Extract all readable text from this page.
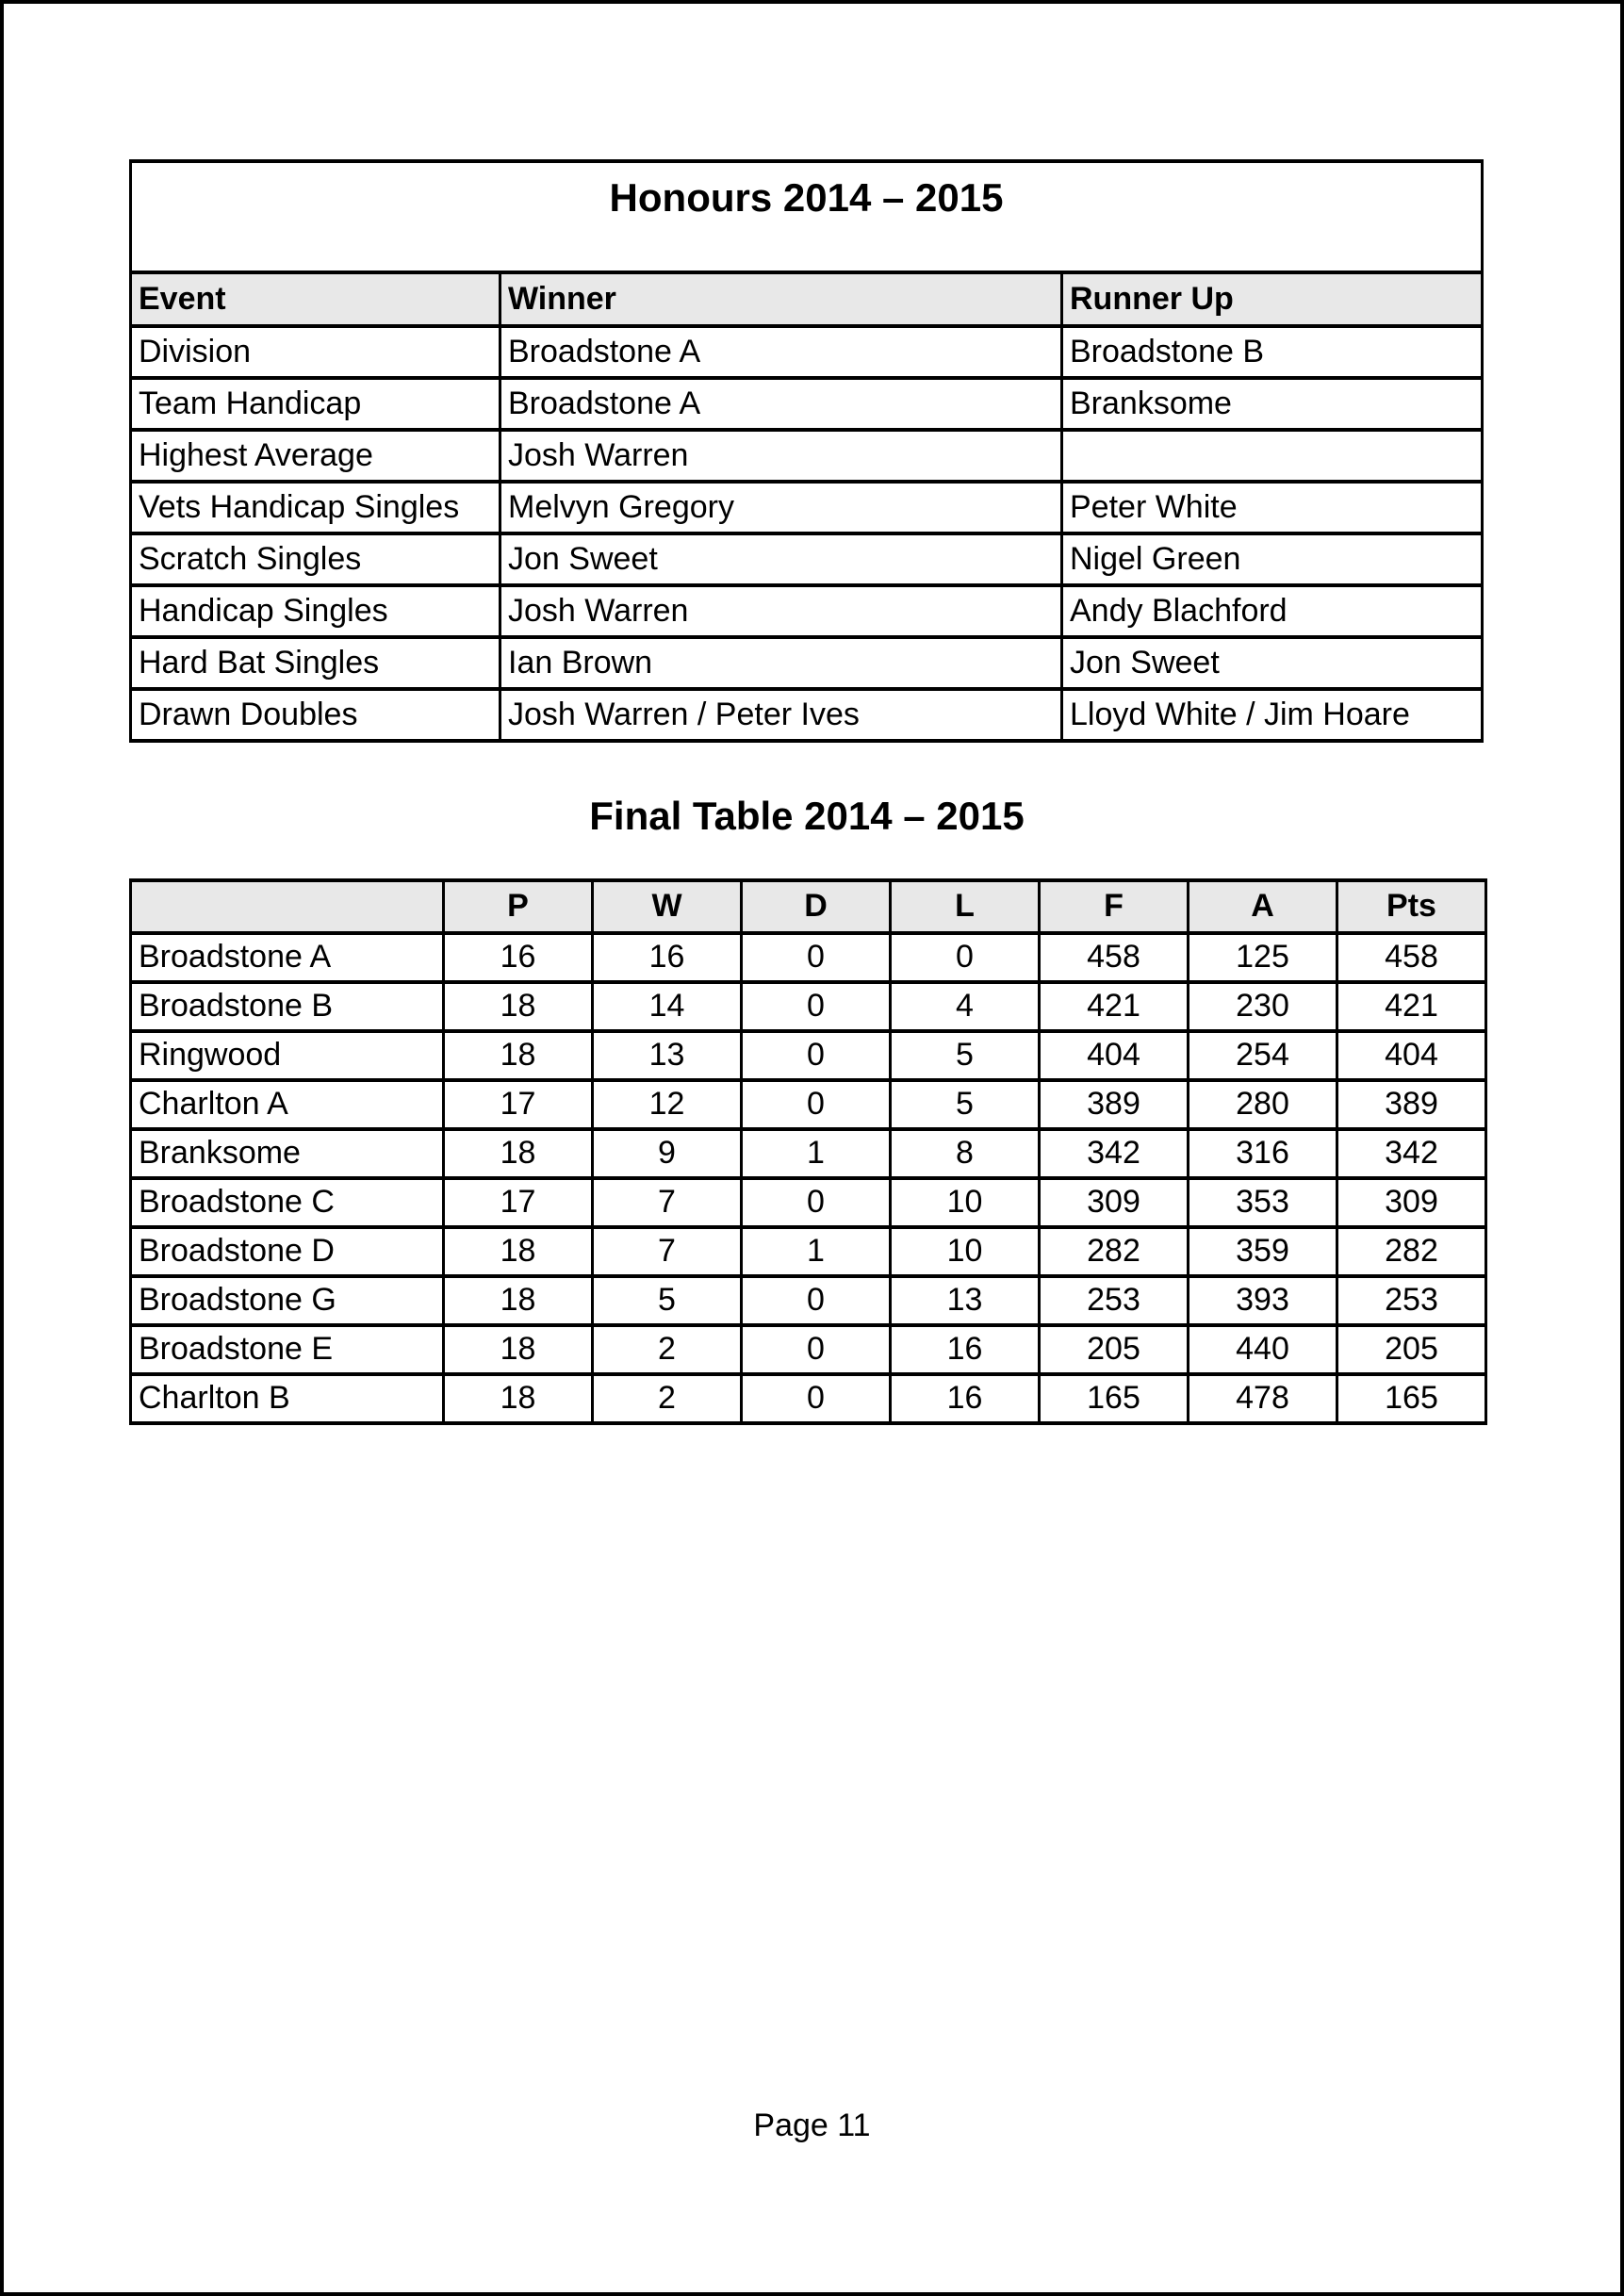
Honours 2014 – 2015		
Event	Winner	Runner Up
Division	Broadstone A	Broadstone B
Team Handicap	Broadstone A	Branksome
Highest Average	Josh Warren	
Vets Handicap Singles	Melvyn Gregory	Peter White
Scratch Singles	Jon Sweet	Nigel Green
Handicap Singles	Josh Warren	Andy Blachford
Hard Bat Singles	Ian Brown	Jon Sweet
Drawn Doubles	Josh Warren / Peter Ives	Lloyd White / Jim Hoare
Final Table 2014 – 2015
	P	W	D	L	F	A	Pts
Broadstone A	16	16	0	0	458	125	458
Broadstone B	18	14	0	4	421	230	421
Ringwood	18	13	0	5	404	254	404
Charlton A	17	12	0	5	389	280	389
Branksome	18	9	1	8	342	316	342
Broadstone C	17	7	0	10	309	353	309
Broadstone D	18	7	1	10	282	359	282
Broadstone G	18	5	0	13	253	393	253
Broadstone E	18	2	0	16	205	440	205
Charlton B	18	2	0	16	165	478	165
Page 11
